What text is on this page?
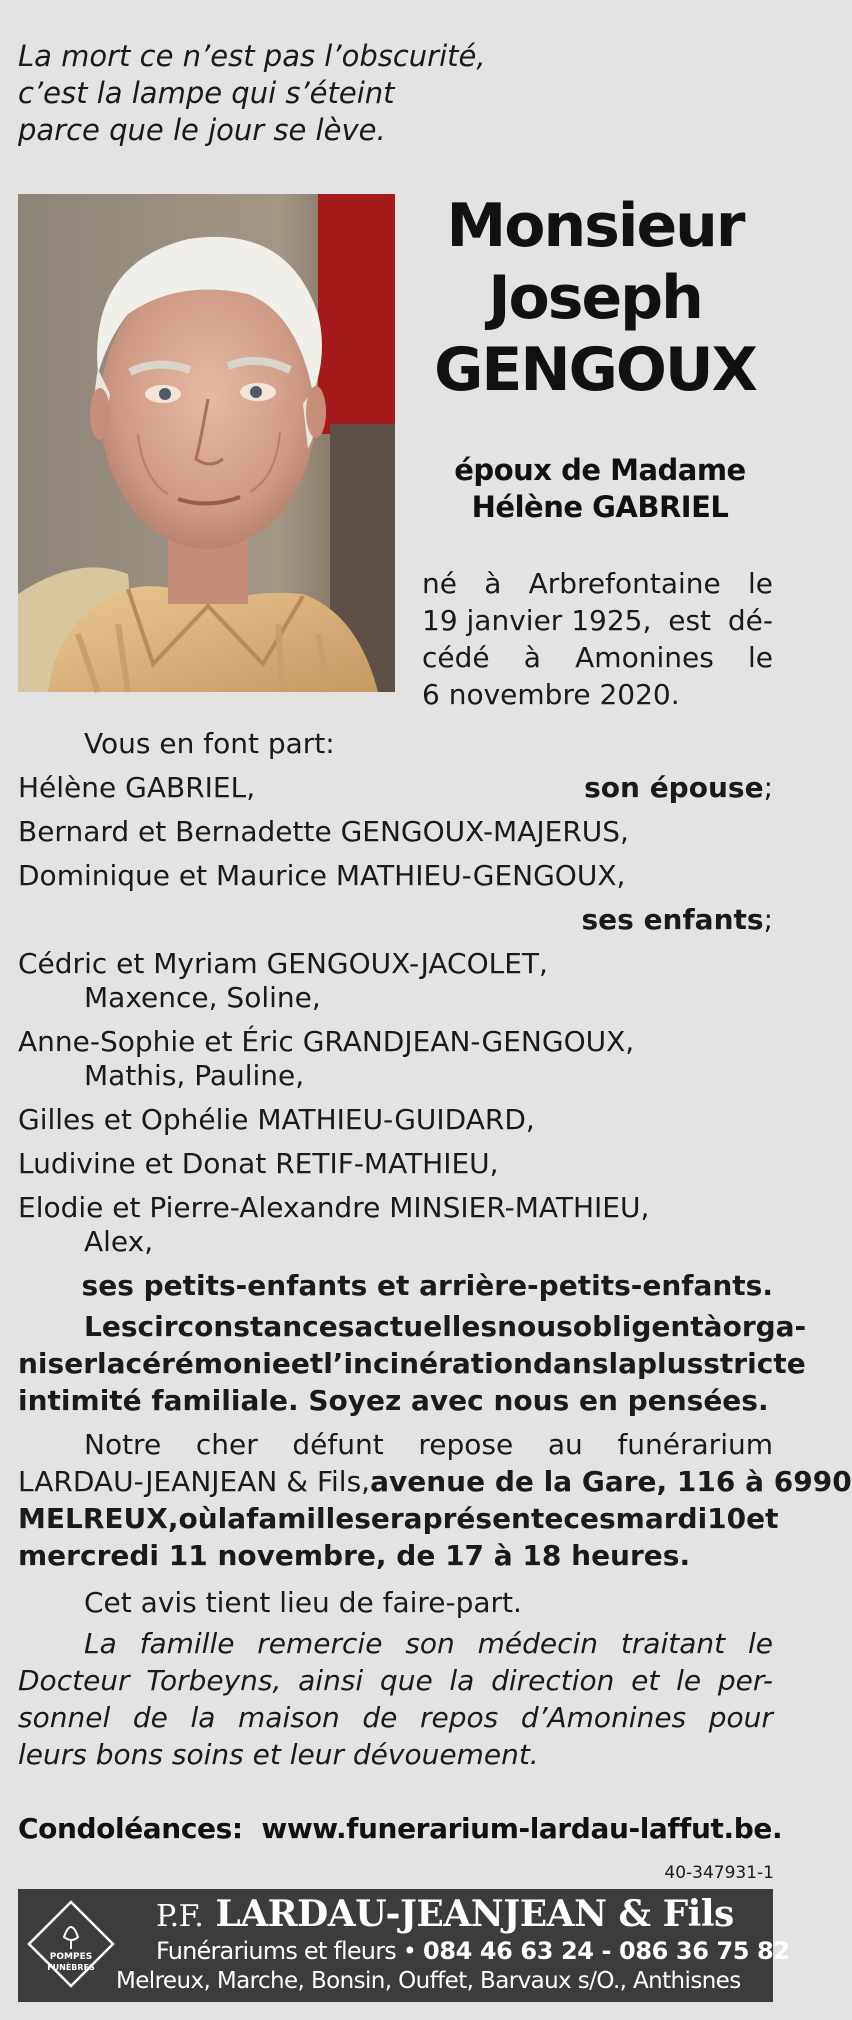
La mort ce n’est pas l’obscurité,
c’est la lampe qui s’éteint
parce que le jour se lève.
Monsieur
Joseph
GENGOUX
époux de Madame
Hélène GABRIEL
né à Arbrefontaine le
19 janvier 1925, est dé-
cédé à Amonines le
6 novembre 2020.
Vous en font part:
Hélène GABRIEL,	son épouse;
Bernard et Bernadette GENGOUX-MAJERUS,
Dominique et Maurice MATHIEU-GENGOUX,
ses enfants;
Cédric et Myriam GENGOUX-JACOLET,
Maxence, Soline,
Anne-Sophie et Éric GRANDJEAN-GENGOUX,
Mathis, Pauline,
Gilles et Ophélie MATHIEU-GUIDARD,
Ludivine et Donat RETIF-MATHIEU,
Elodie et Pierre-Alexandre MINSIER-MATHIEU,
Alex,
ses petits-enfants et arrière-petits-enfants.
Les circonstances actuelles nous obligent à orga-
niser la cérémonie et l’incinération dans la plus stricte
intimité familiale. Soyez avec nous en pensées.
Notre cher défunt repose au funérarium
LARDAU-JEANJEAN & Fils, avenue de la Gare, 116 à 6990
MELREUX, où la famille sera présente ces mardi 10 et
mercredi 11 novembre, de 17 à 18 heures.
Cet avis tient lieu de faire-part.
La famille remercie son médecin traitant le
Docteur Torbeyns, ainsi que la direction et le per-
sonnel de la maison de repos d’Amonines pour
leurs bons soins et leur dévouement.
Condoléances: www.funerarium-lardau-laffut.be.
40-347931-1
POMPES
FUNÈBRES
P.F. LARDAU-JEANJEAN & Fils
Funérariums et fleurs • 084 46 63 24 - 086 36 75 82
Melreux, Marche, Bonsin, Ouffet, Barvaux s/O., Anthisnes
